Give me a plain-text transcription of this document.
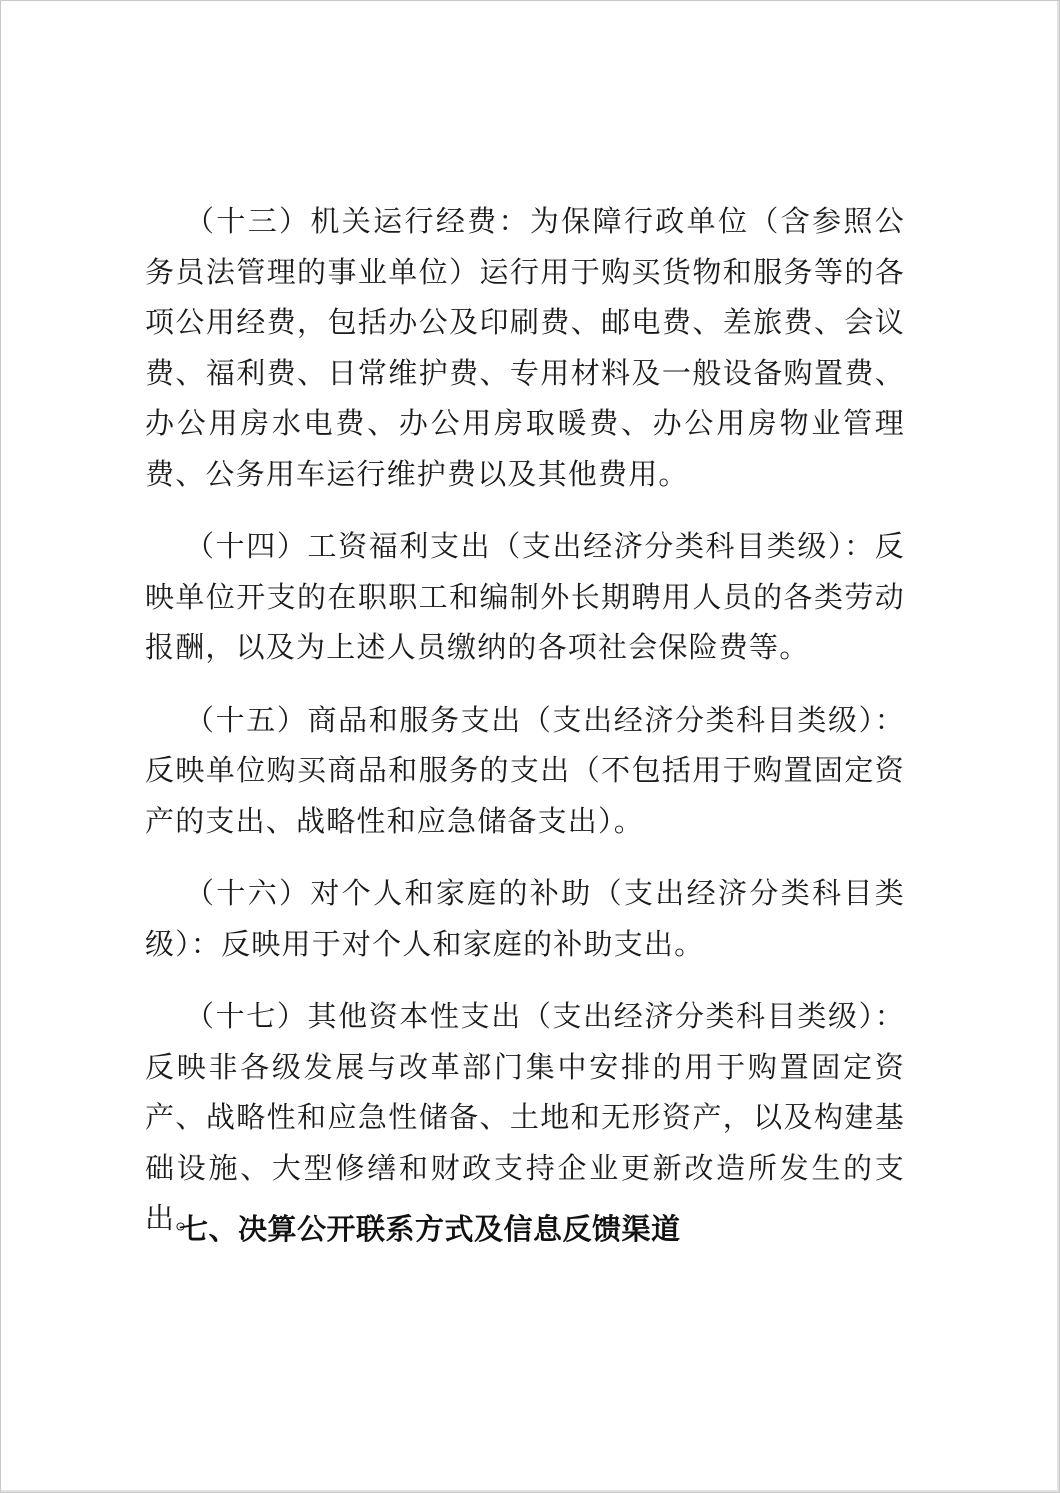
（十三）机关运行经费：为保障行政单位（含参照公务员法管理的事业单位）运行用于购买货物和服务等的各项公用经费，包括办公及印刷费、邮电费、差旅费、会议费、福利费、日常维护费、专用材料及一般设备购置费、办公用房水电费、办公用房取暖费、办公用房物业管理费、公务用车运行维护费以及其他费用。

（十四）工资福利支出（支出经济分类科目类级）：反映单位开支的在职职工和编制外长期聘用人员的各类劳动报酬，以及为上述人员缴纳的各项社会保险费等。

（十五）商品和服务支出（支出经济分类科目类级）：反映单位购买商品和服务的支出（不包括用于购置固定资产的支出、战略性和应急储备支出）。

（十六）对个人和家庭的补助（支出经济分类科目类级）：反映用于对个人和家庭的补助支出。

（十七）其他资本性支出（支出经济分类科目类级）：反映非各级发展与改革部门集中安排的用于购置固定资产、战略性和应急性储备、土地和无形资产，以及构建基础设施、大型修缮和财政支持企业更新改造所发生的支出。

七、决算公开联系方式及信息反馈渠道
